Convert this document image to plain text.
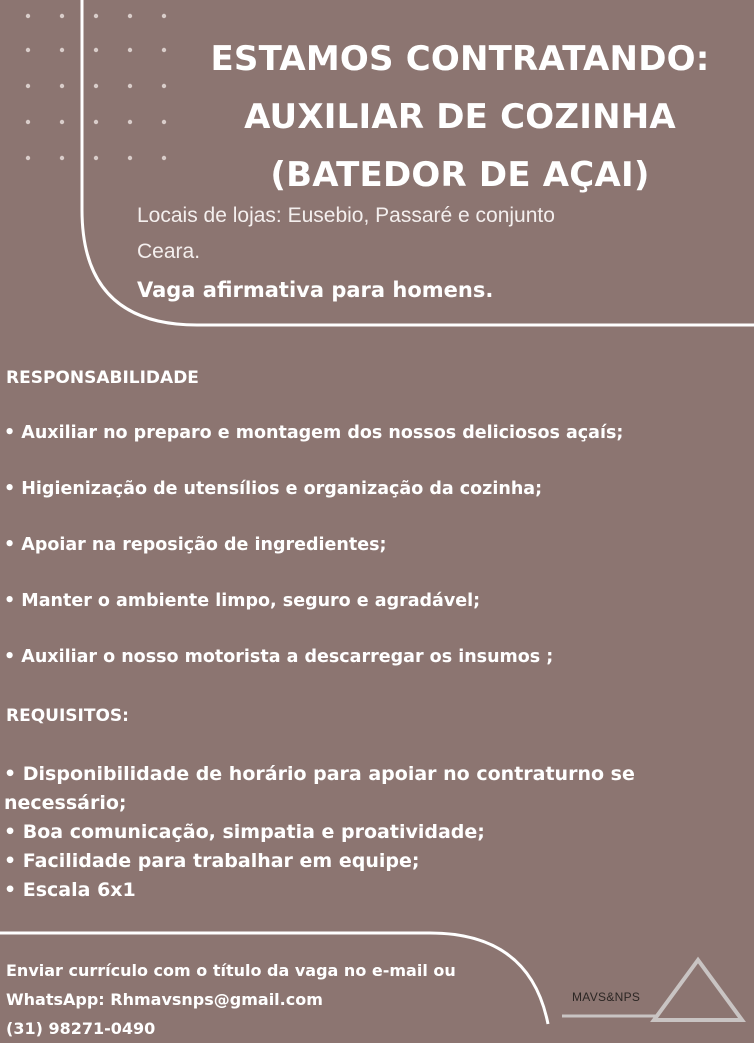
ESTAMOS CONTRATANDO:
AUXILIAR DE COZINHA
(BATEDOR DE AÇAI)
Locais de lojas: Eusebio, Passaré e conjunto
Ceara.
Vaga afirmativa para homens.
RESPONSABILIDADE
• Auxiliar no preparo e montagem dos nossos deliciosos açaís;
• Higienização de utensílios e organização da cozinha;
• Apoiar na reposição de ingredientes;
• Manter o ambiente limpo, seguro e agradável;
• Auxiliar o nosso motorista a descarregar os insumos ;
REQUISITOS:
• Disponibilidade de horário para apoiar no contraturno se necessário;
• Boa comunicação, simpatia e proatividade;
• Facilidade para trabalhar em equipe;
• Escala 6x1
Enviar currículo com o título da vaga no e-mail ou
WhatsApp: Rhmavsnps@gmail.com
(31) 98271-0490
MAVS&NPS
